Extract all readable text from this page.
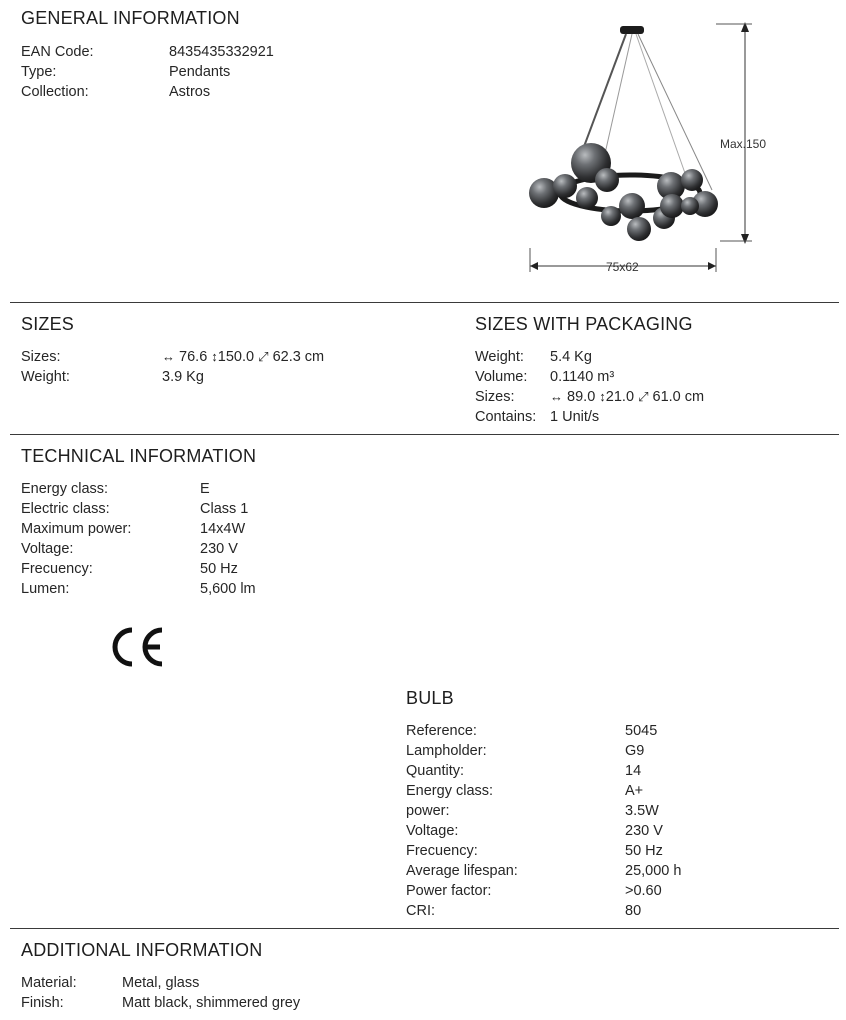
GENERAL INFORMATION
EAN Code:	8435435332921
Type:	Pendants
Collection:	Astros
Max.150
75x62
SIZES
Sizes:	↔ 76.6 ↕150.0 ⤢ 62.3 cm
Weight:	3.9 Kg
SIZES WITH PACKAGING
Weight: 5.4 Kg
Volume: 0.1140 m³
Sizes:	↔ 89.0 ↕21.0 ⤢ 61.0 cm
Contains: 1 Unit/s
TECHNICAL INFORMATION
Energy class:	E
Electric class:	Class 1
Maximum power:	14x4W
Voltage:	230 V
Frecuency:	50 Hz
Lumen:	5,600 lm
BULB
Reference:	5045
Lampholder:	G9
Quantity:	14
Energy class:	A+
power:	3.5W
Voltage:	230 V
Frecuency:	50 Hz
Average lifespan:	25,000 h
Power factor:	>0.60
CRI:	80
ADDITIONAL INFORMATION
Material:	Metal, glass
Finish:	Matt black, shimmered grey
